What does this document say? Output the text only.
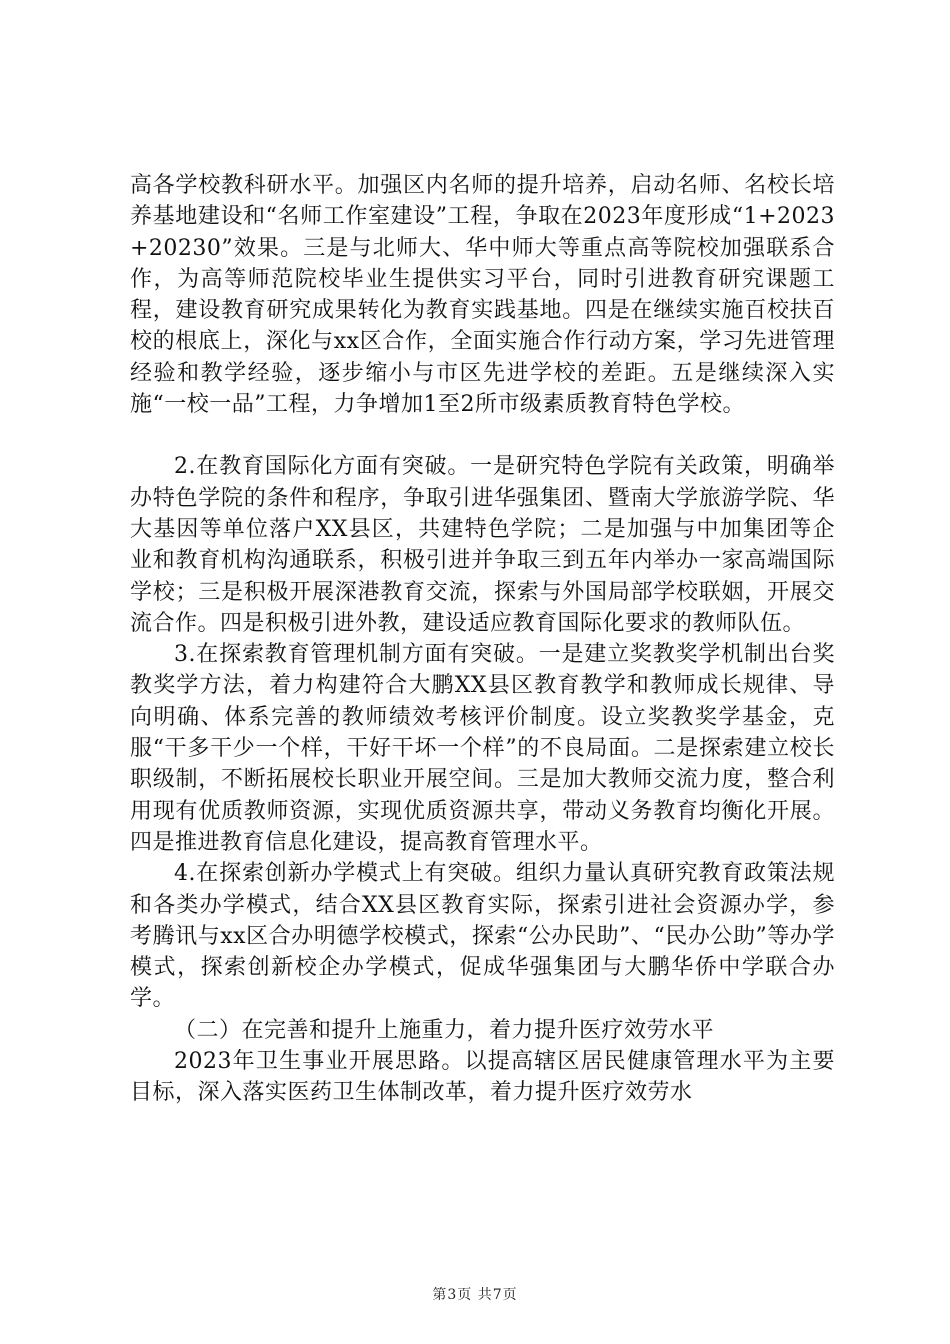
高各学校教科研水平。加强区内名师的提升培养，启动名师、名校长培养基地建设和“名师工作室建设”工程，争取在2023年度形成“1+2023+20230”效果。三是与北师大、华中师大等重点高等院校加强联系合作，为高等师范院校毕业生提供实习平台，同时引进教育研究课题工程，建设教育研究成果转化为教育实践基地。四是在继续实施百校扶百校的根底上，深化与xx区合作，全面实施合作行动方案，学习先进管理经验和教学经验，逐步缩小与市区先进学校的差距。五是继续深入实施“一校一品”工程，力争增加1至2所市级素质教育特色学校。

2.在教育国际化方面有突破。一是研究特色学院有关政策，明确举办特色学院的条件和程序，争取引进华强集团、暨南大学旅游学院、华大基因等单位落户XX县区，共建特色学院；二是加强与中加集团等企业和教育机构沟通联系，积极引进并争取三到五年内举办一家高端国际学校；三是积极开展深港教育交流，探索与外国局部学校联姻，开展交流合作。四是积极引进外教，建设适应教育国际化要求的教师队伍。

3.在探索教育管理机制方面有突破。一是建立奖教奖学机制出台奖教奖学方法，着力构建符合大鹏XX县区教育教学和教师成长规律、导向明确、体系完善的教师绩效考核评价制度。设立奖教奖学基金，克服“干多干少一个样，干好干坏一个样”的不良局面。二是探索建立校长职级制，不断拓展校长职业开展空间。三是加大教师交流力度，整合利用现有优质教师资源，实现优质资源共享，带动义务教育均衡化开展。四是推进教育信息化建设，提高教育管理水平。

4.在探索创新办学模式上有突破。组织力量认真研究教育政策法规和各类办学模式，结合XX县区教育实际，探索引进社会资源办学，参考腾讯与xx区合办明德学校模式，探索“公办民助”、“民办公助”等办学模式，探索创新校企办学模式，促成华强集团与大鹏华侨中学联合办学。

（二）在完善和提升上施重力，着力提升医疗效劳水平

2023年卫生事业开展思路。以提高辖区居民健康管理水平为主要目标，深入落实医药卫生体制改革，着力提升医疗效劳水

第3页 共7页
